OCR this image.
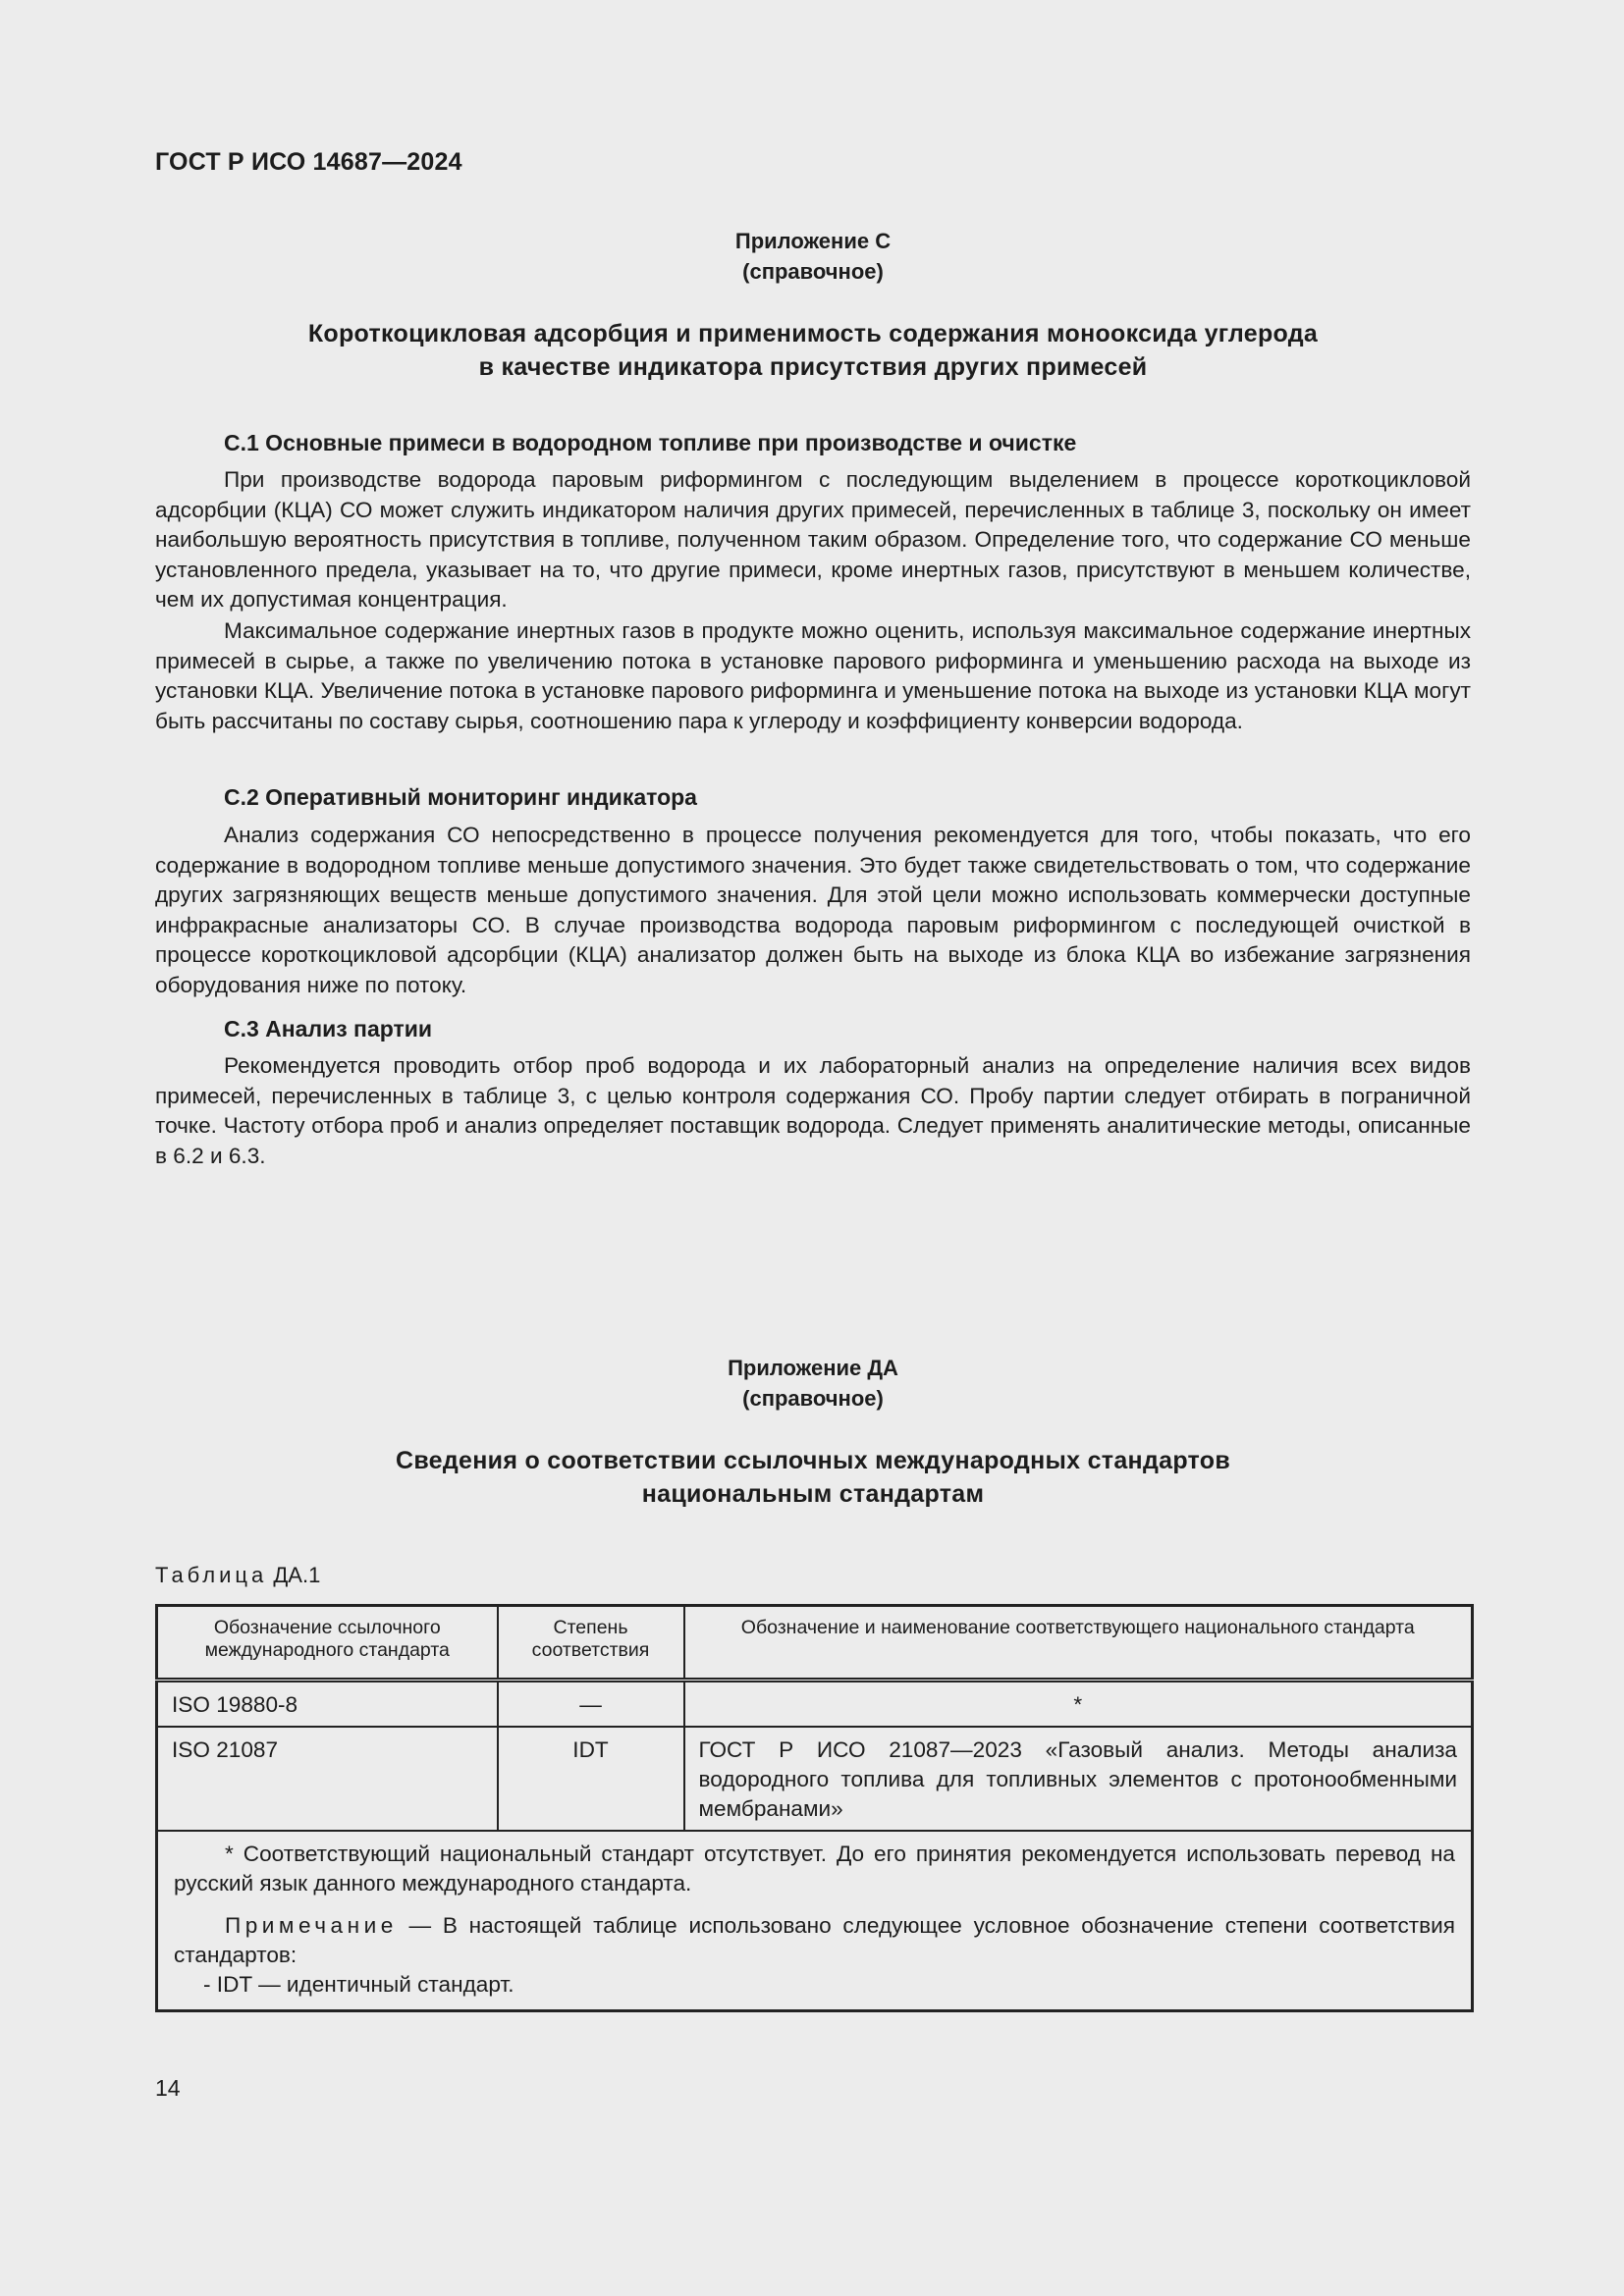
ГОСТ Р ИСО 14687—2024
Приложение С
(справочное)
Короткоцикловая адсорбция и применимость содержания монооксида углерода
в качестве индикатора присутствия других примесей
С.1 Основные примеси в водородном топливе при производстве и очистке

При производстве водорода паровым риформингом с последующим выделением в процессе короткоцикловой адсорбции (КЦА) СО может служить индикатором наличия других примесей, перечисленных в таблице 3, поскольку он имеет наибольшую вероятность присутствия в топливе, полученном таким образом. Определение того, что содержание СО меньше установленного предела, указывает на то, что другие примеси, кроме инертных газов, присутствуют в меньшем количестве, чем их допустимая концентрация.

Максимальное содержание инертных газов в продукте можно оценить, используя максимальное содержание инертных примесей в сырье, а также по увеличению потока в установке парового риформинга и уменьшению расхода на выходе из установки КЦА. Увеличение потока в установке парового риформинга и уменьшение потока на выходе из установки КЦА могут быть рассчитаны по составу сырья, соотношению пара к углероду и коэффициенту конверсии водорода.

С.2 Оперативный мониторинг индикатора

Анализ содержания СО непосредственно в процессе получения рекомендуется для того, чтобы показать, что его содержание в водородном топливе меньше допустимого значения. Это будет также свидетельствовать о том, что содержание других загрязняющих веществ меньше допустимого значения. Для этой цели можно использовать коммерчески доступные инфракрасные анализаторы СО. В случае производства водорода паровым риформингом с последующей очисткой в процессе короткоцикловой адсорбции (КЦА) анализатор должен быть на выходе из блока КЦА во избежание загрязнения оборудования ниже по потоку.

С.3 Анализ партии

Рекомендуется проводить отбор проб водорода и их лабораторный анализ на определение наличия всех видов примесей, перечисленных в таблице 3, с целью контроля содержания СО. Пробу партии следует отбирать в пограничной точке. Частоту отбора проб и анализ определяет поставщик водорода. Следует применять аналитические методы, описанные в 6.2 и 6.3.

Приложение ДА
(справочное)
Сведения о соответствии ссылочных международных стандартов
национальным стандартам
Таблица ДА.1
Обозначение ссылочного международного стандарта	Степень соответствия	Обозначение и наименование соответствующего национального стандарта
ISO 19880-8	—	*
ISO 21087	IDT	ГОСТ Р ИСО 21087—2023 «Газовый анализ. Методы анализа водородного топлива для топливных элементов с протонообменными мембранами»

* Соответствующий национальный стандарт отсутствует. До его принятия рекомендуется использовать перевод на русский язык данного международного стандарта.

Примечание — В настоящей таблице использовано следующее условное обозначение степени соответствия стандартов:

- IDT — идентичный стандарт.		

14
